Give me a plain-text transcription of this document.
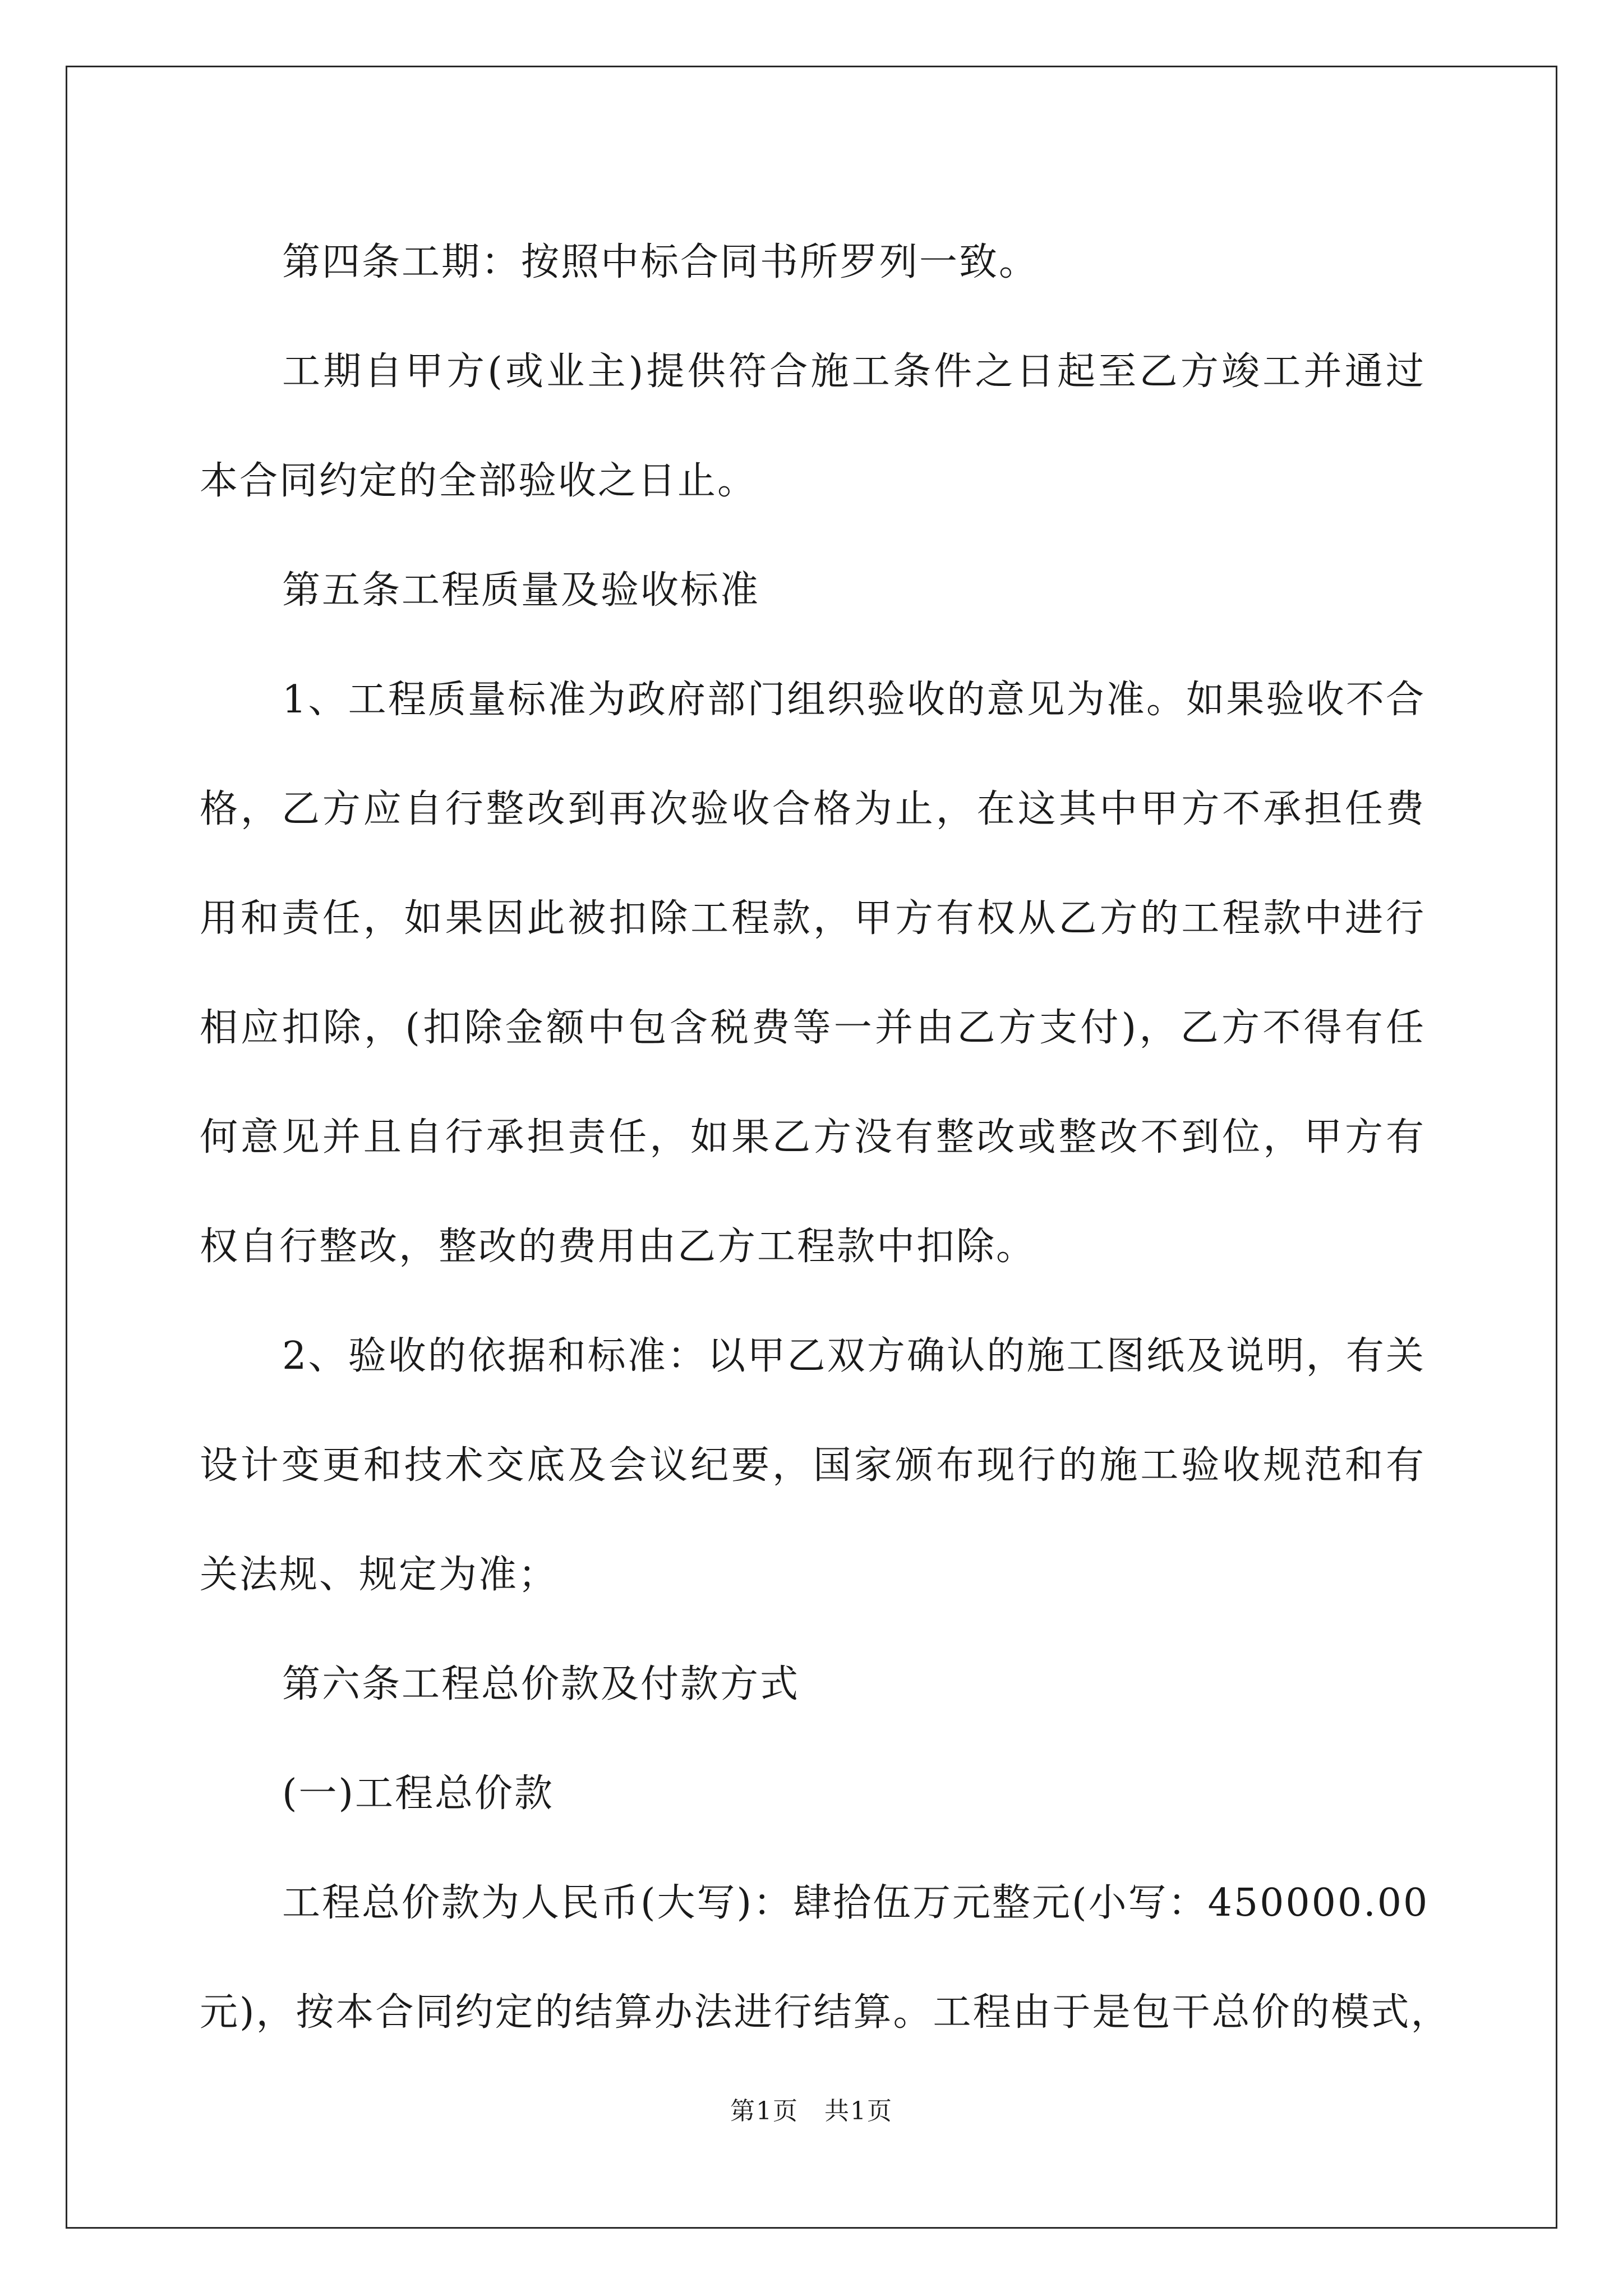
第四条工期：按照中标合同书所罗列一致。

工期自甲方(或业主)提供符合施工条件之日起至乙方竣工并通过
本合同约定的全部验收之日止。

第五条工程质量及验收标准

1、工程质量标准为政府部门组织验收的意见为准。如果验收不合
格，乙方应自行整改到再次验收合格为止，在这其中甲方不承担任费
用和责任，如果因此被扣除工程款，甲方有权从乙方的工程款中进行
相应扣除，(扣除金额中包含税费等一并由乙方支付)，乙方不得有任
何意见并且自行承担责任，如果乙方没有整改或整改不到位，甲方有
权自行整改，整改的费用由乙方工程款中扣除。

2、验收的依据和标准：以甲乙双方确认的施工图纸及说明，有关
设计变更和技术交底及会议纪要，国家颁布现行的施工验收规范和有
关法规、规定为准；

第六条工程总价款及付款方式

(一)工程总价款

工程总价款为人民币(大写)：肆拾伍万元整元(小写：450000.00
元)，按本合同约定的结算办法进行结算。工程由于是包干总价的模式，

第1页　共1页
